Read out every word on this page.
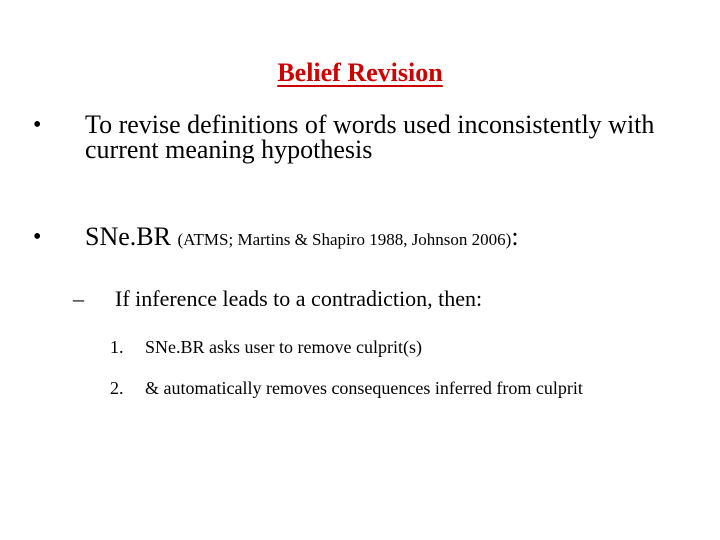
Belief Revision
• To revise definitions of words used inconsistently with current meaning hypothesis
• SNe.BR (ATMS; Martins & Shapiro 1988, Johnson 2006):
– If inference leads to a contradiction, then:
1. SNe.BR asks user to remove culprit(s)
2. & automatically removes consequences inferred from culprit
